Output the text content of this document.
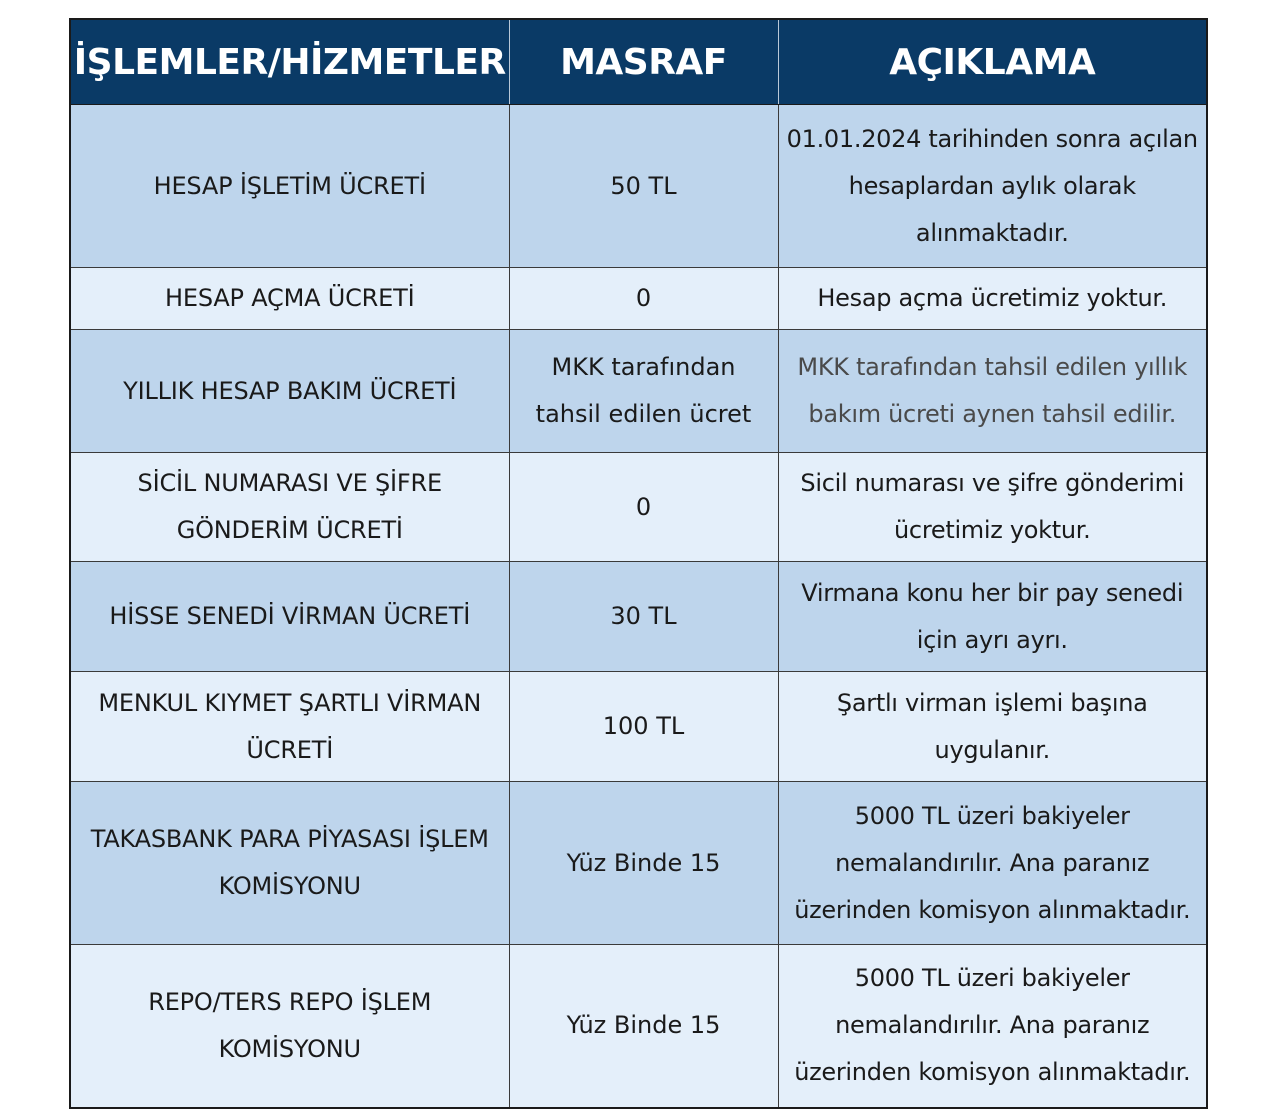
İŞLEMLER/HİZMETLER	MASRAF	AÇIKLAMA
HESAP İŞLETİM ÜCRETİ	50 TL	01.01.2024 tarihinden sonra açılan hesaplardan aylık olarak alınmaktadır.
HESAP AÇMA ÜCRETİ	0	Hesap açma ücretimiz yoktur.
YILLIK HESAP BAKIM ÜCRETİ	MKK tarafından tahsil edilen ücret	MKK tarafından tahsil edilen yıllık bakım ücreti aynen tahsil edilir.
SİCİL NUMARASI VE ŞİFRE GÖNDERİM ÜCRETİ	0	Sicil numarası ve şifre gönderimi ücretimiz yoktur.
HİSSE SENEDİ VİRMAN ÜCRETİ	30 TL	Virmana konu her bir pay senedi için ayrı ayrı.
MENKUL KIYMET ŞARTLI VİRMAN ÜCRETİ	100 TL	Şartlı virman işlemi başına uygulanır.
TAKASBANK PARA PİYASASI İŞLEM KOMİSYONU	Yüz Binde 15	5000 TL üzeri bakiyeler nemalandırılır. Ana paranız üzerinden komisyon alınmaktadır.
REPO/TERS REPO İŞLEM KOMİSYONU	Yüz Binde 15	5000 TL üzeri bakiyeler nemalandırılır. Ana paranız üzerinden komisyon alınmaktadır.
